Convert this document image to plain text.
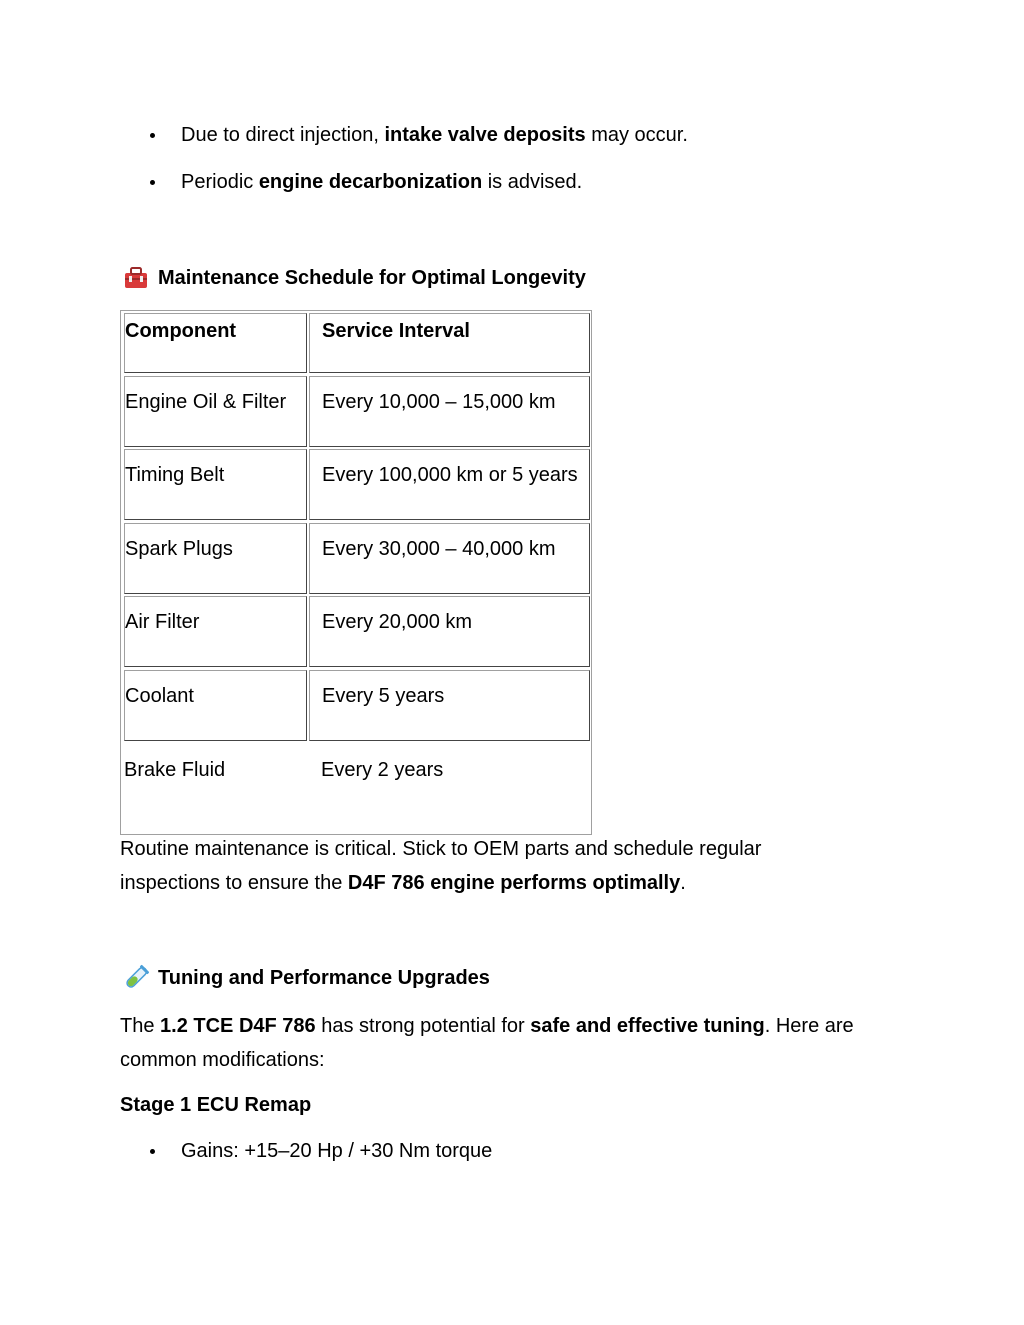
Due to direct injection, intake valve deposits may occur.
Periodic engine decarbonization is advised.
Maintenance Schedule for Optimal Longevity
Component	Service Interval
Engine Oil & Filter	Every 10,000 – 15,000 km
Timing Belt	Every 100,000 km or 5 years
Spark Plugs	Every 30,000 – 40,000 km
Air Filter	Every 20,000 km
Coolant	Every 5 years
Brake Fluid	Every 2 years
Routine maintenance is critical. Stick to OEM parts and schedule regular inspections to ensure the D4F 786 engine performs optimally.
Tuning and Performance Upgrades
The 1.2 TCE D4F 786 has strong potential for safe and effective tuning. Here are common modifications:
Stage 1 ECU Remap
Gains: +15–20 Hp / +30 Nm torque
